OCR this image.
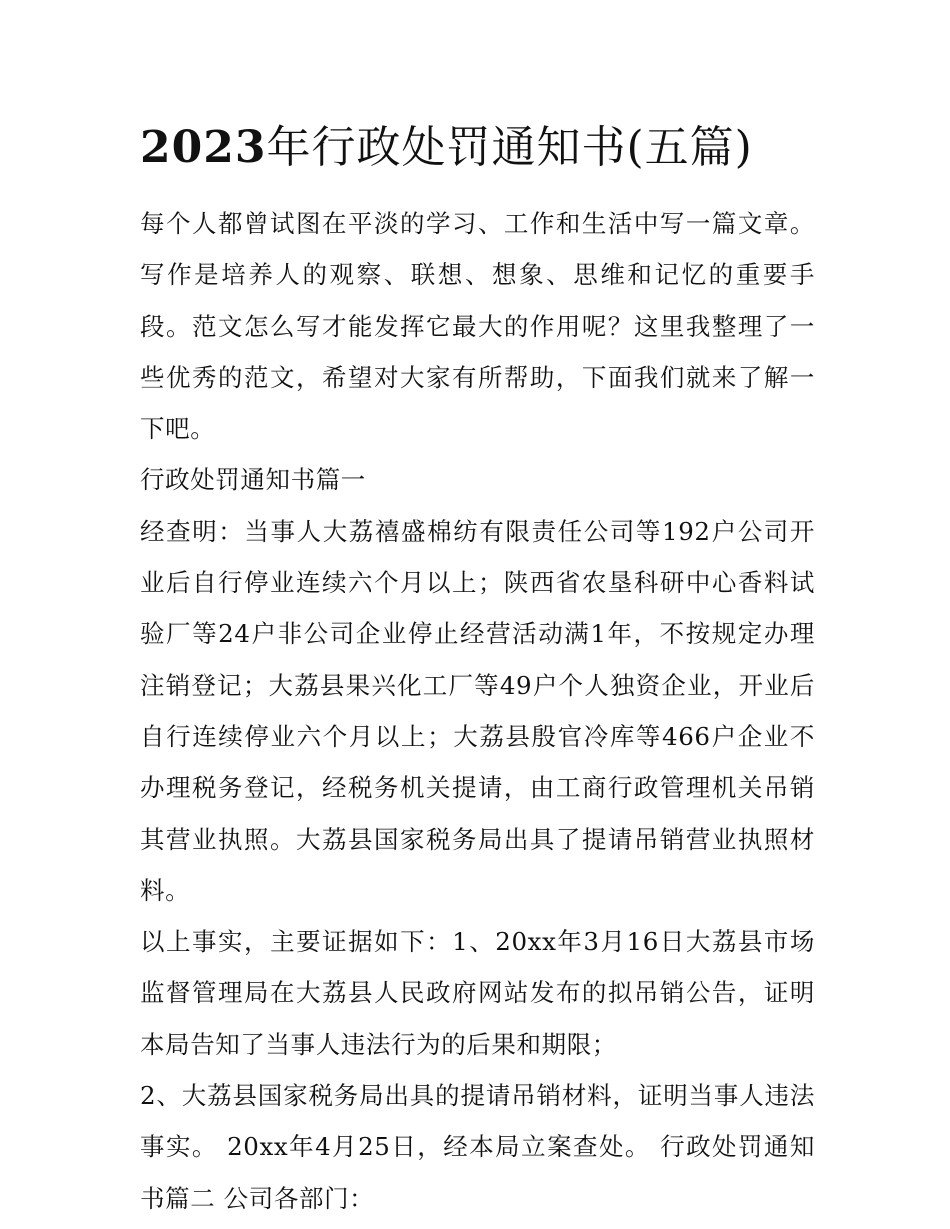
2023年行政处罚通知书(五篇)

每个人都曾试图在平淡的学习、工作和生活中写一篇文章。写作是培养人的观察、联想、想象、思维和记忆的重要手段。范文怎么写才能发挥它最大的作用呢？这里我整理了一些优秀的范文，希望对大家有所帮助，下面我们就来了解一下吧。

行政处罚通知书篇一

经查明：当事人大荔禧盛棉纺有限责任公司等192户公司开业后自行停业连续六个月以上；陕西省农垦科研中心香料试验厂等24户非公司企业停止经营活动满1年，不按规定办理注销登记；大荔县果兴化工厂等49户个人独资企业，开业后自行连续停业六个月以上；大荔县殷官冷库等466户企业不办理税务登记，经税务机关提请，由工商行政管理机关吊销其营业执照。大荔县国家税务局出具了提请吊销营业执照材料。

以上事实，主要证据如下：1、20xx年3月16日大荔县市场监督管理局在大荔县人民政府网站发布的拟吊销公告，证明本局告知了当事人违法行为的后果和期限；

2、大荔县国家税务局出具的提请吊销材料，证明当事人违法事实。 20xx年4月25日，经本局立案查处。 行政处罚通知书篇二 公司各部门：
